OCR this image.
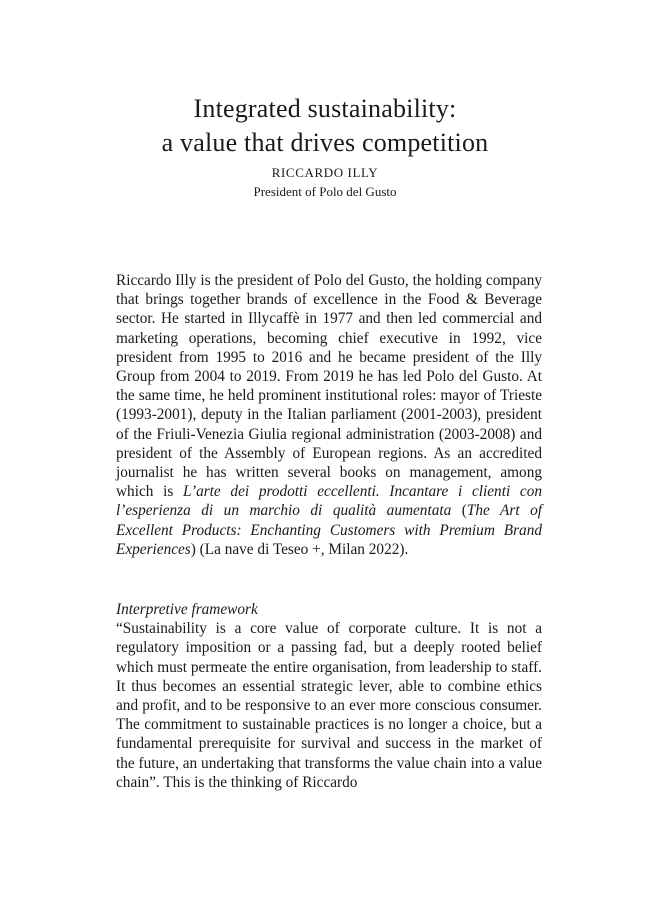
Integrated sustainability:
a value that drives competition

RICCARDO ILLY

President of Polo del Gusto

Riccardo Illy is the president of Polo del Gusto, the holding company that brings together brands of excellence in the Food & Beverage sector. He started in Illycaffè in 1977 and then led commercial and marketing operations, becoming chief executive in 1992, vice president from 1995 to 2016 and he became president of the Illy Group from 2004 to 2019. From 2019 he has led Polo del Gusto. At the same time, he held prominent institutional roles: mayor of Trieste (1993-2001), deputy in the Italian parliament (2001-2003), president of the Friuli-Venezia Giulia regional administration (2003-2008) and president of the Assembly of European regions. As an accredited journalist he has written several books on management, among which is L’arte dei prodotti eccellenti. Incantare i clienti con l’esperienza di un marchio di qualità aumentata (The Art of Excellent Products: Enchanting Customers with Premium Brand Experiences) (La nave di Teseo +, Milan 2022).

Interpretive framework
“Sustainability is a core value of corporate culture. It is not a regulatory imposition or a passing fad, but a deeply rooted belief which must permeate the entire organisation, from leadership to staff. It thus becomes an essential strategic lever, able to combine ethics and profit, and to be responsive to an ever more conscious consumer. The commitment to sustainable practices is no longer a choice, but a fundamental prerequisite for survival and success in the market of the future, an undertaking that transforms the value chain into a value chain”. This is the thinking of Riccardo
